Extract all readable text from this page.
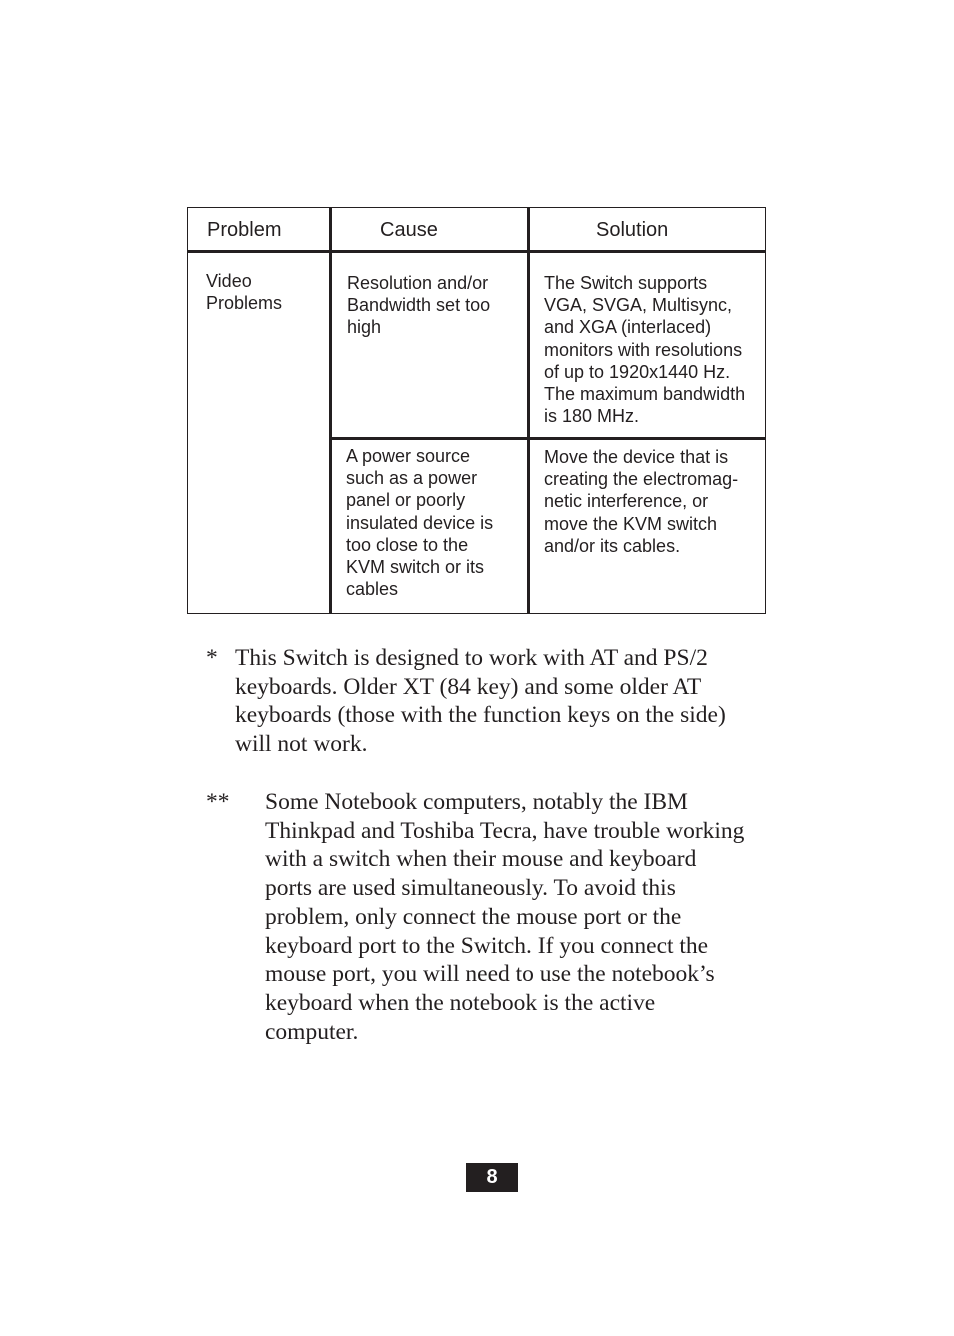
Problem	Cause	Solution

Video
Problems

Resolution and/or
Bandwidth set too
high

The Switch supports
VGA, SVGA, Multisync,
and XGA (interlaced)
monitors with resolutions
of up to 1920x1440 Hz.
The maximum bandwidth
is 180 MHz.

A power source
such as a power
panel or poorly
insulated device is
too close to the
KVM switch or its
cables

Move the device that is
creating the electromag-
netic interference, or
move the KVM switch
and/or its cables.

* This Switch is designed to work with AT and PS/2 keyboards. Older XT (84 key) and some older AT keyboards (those with the function keys on the side) will not work.

** Some Notebook computers, notably the IBM Thinkpad and Toshiba Tecra, have trouble working with a switch when their mouse and keyboard ports are used simultaneously. To avoid this problem, only connect the mouse port or the keyboard port to the Switch. If you connect the mouse port, you will need to use the notebook’s keyboard when the notebook is the active computer.

8
